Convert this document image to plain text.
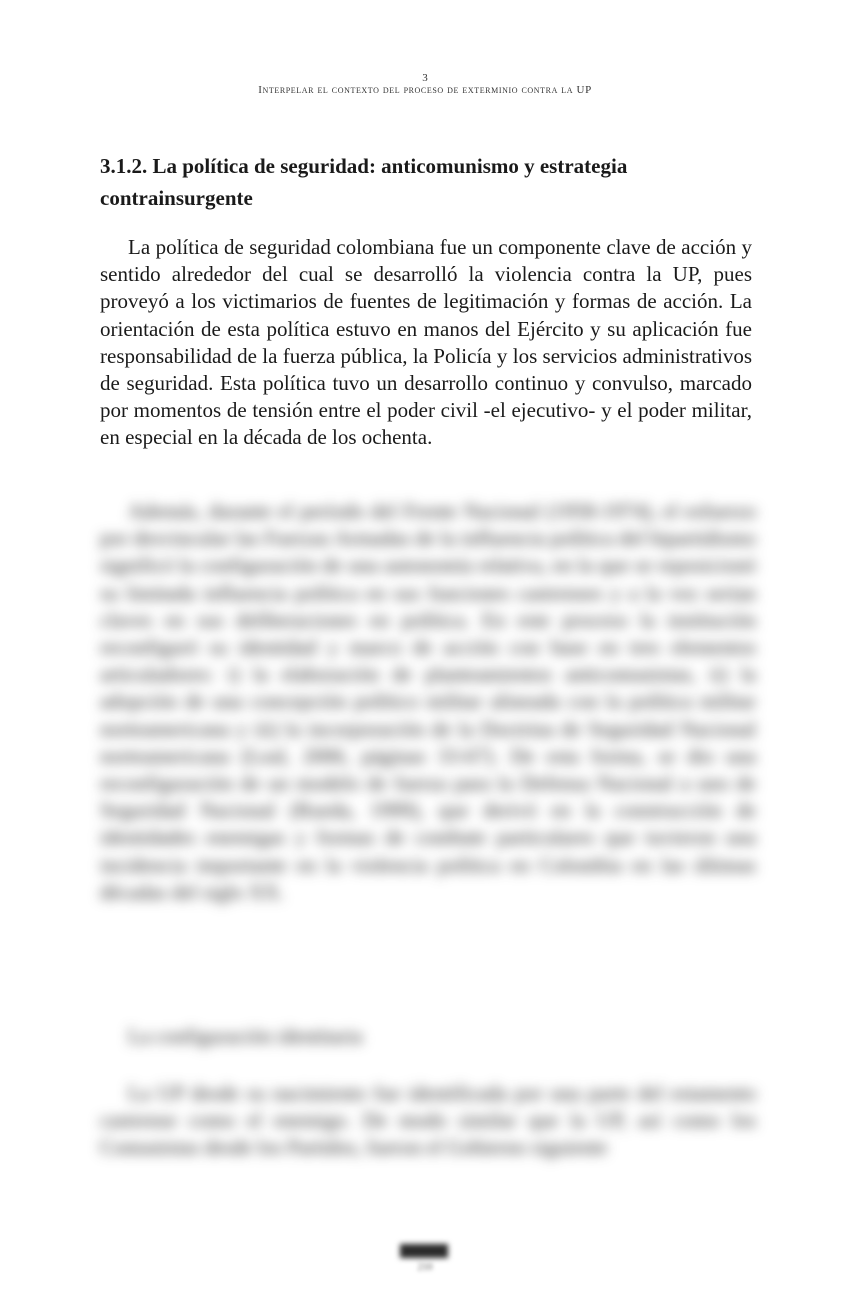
3
Interpelar el contexto del proceso de exterminio contra la UP
3.1.2. La política de seguridad: anticomunismo y estrategia contrainsurgente

La política de seguridad colombiana fue un componente clave de acción y sentido alrededor del cual se desarrolló la violencia contra la UP, pues proveyó a los victimarios de fuentes de legitimación y formas de acción. La orientación de esta política estuvo en manos del Ejército y su aplicación fue responsabilidad de la fuerza pública, la Policía y los servicios administrativos de seguridad. Esta política tuvo un desarrollo continuo y convulso, marcado por momentos de tensión entre el poder civil -el ejecutivo- y el poder militar, en especial en la década de los ochenta.

Además, durante el período del Frente Nacional (1958-1974), el esfuerzo por desvincular las Fuerzas Armadas de la influencia política del bipartidismo significó la configuración de una autonomía relativa, en la que se reposicionó su limitada influencia política en sus funciones castrenses y a la vez serían claves en sus deliberaciones en política. En este proceso la institución reconfiguró su identidad y marco de acción con base en tres elementos articuladores: i) la elaboración de planteamientos anticomunistas, ii) la adopción de una concepción político militar alineada con la política militar norteamericana y iii) la incorporación de la Doctrina de Seguridad Nacional norteamericana (Leal, 2006, páginas 33-67). De esta forma, se dio una reconfiguración de un modelo de fuerza para la Defensa Nacional a uno de Seguridad Nacional (Rueda, 1999), que derivó en la construcción de identidades enemigas y formas de combate particulares que tuvieron una incidencia importante en la violencia política en Colombia en las últimas décadas del siglo XX.

La configuración identitaria

La UP desde su nacimiento fue identificada por una parte del estamento castrense como el enemigo. De modo similar que la UP, así como los Comunistas desde los Partidos, fueron el Gobierno siguiente

210
